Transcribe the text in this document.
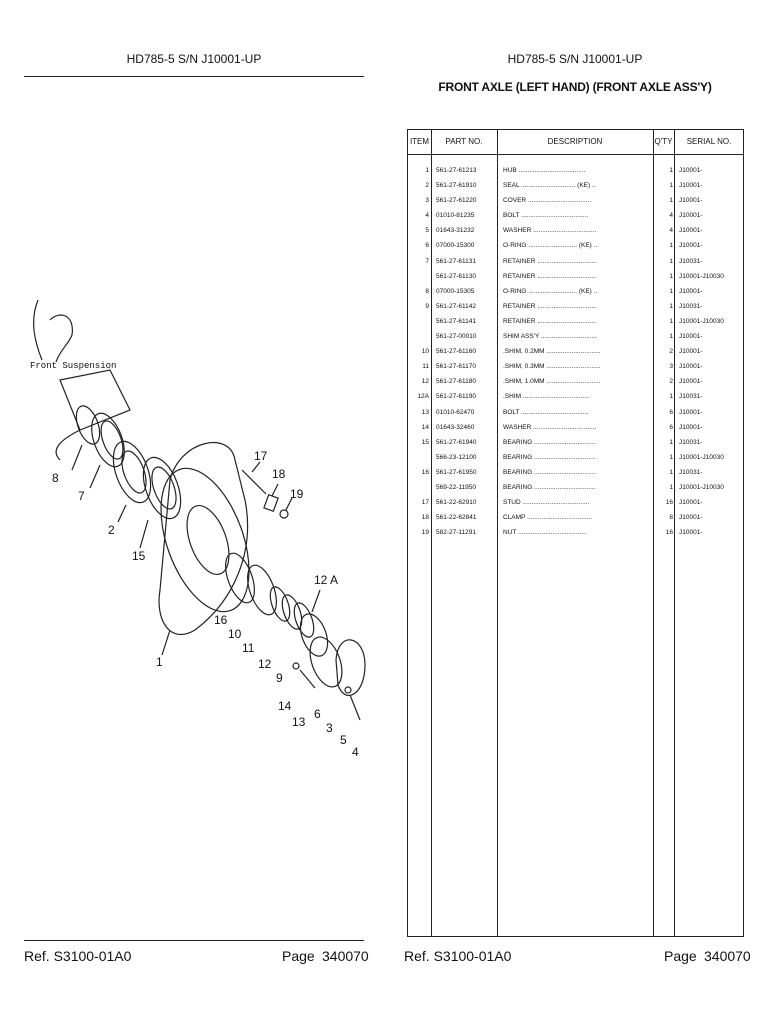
HD785-5 S/N J10001-UP	HD785-5 S/N J10001-UP
FRONT AXLE (LEFT HAND) (FRONT AXLE ASS'Y)
Front Suspension
8
7
2
15
1
17
18
19
12 A
16
10
11
12
9
14
13
6
3
5
4
ITEM	PART NO.	DESCRIPTION	Q'TY	SERIAL NO.
1 561-27-61213	HUB .....................................	1 J10001-
2 561-27-61910	SEAL .............................. (KE) ..	1 J10001-
3 561-27-61220	COVER ...................................	1 J10001-
4 01010-81235	BOLT .....................................	4 J10001-
5 01643-31232	WASHER ...................................	4 J10001-
6 07000-15300	O-RING ........................... (KE) ..	1 J10001-
7 561-27-61131	RETAINER .................................	1 J10031-
561-27-61130	RETAINER .................................	1 J10001-J10030
8 07000-15305	O-RING ........................... (KE) ..	1 J10001-
9 561-27-61142	RETAINER .................................	1 J10031-
561-27-61141	RETAINER .................................	1 J10001-J10030
561-27-00010	SHIM ASS'Y ...............................	1 J10001-
10 561-27-61160	.SHIM, 0.2MM ..............................	2 J10001-
11 561-27-61170	.SHIM, 0.3MM ..............................	3 J10001-
12 561-27-61180	.SHIM, 1.0MM ..............................	2 J10001-
12A 561-27-61190	.SHIM .....................................	1 J10031-
13 01010-62470	BOLT .....................................	6 J10001-
14 01643-32460	WASHER ...................................	6 J10001-
15 561-27-61940	BEARING ..................................	1 J10031-
566-23-12100	BEARING ..................................	1 J10001-J10030
16 561-27-61950	BEARING ..................................	1 J10031-
569-22-11950	BEARING ..................................	1 J10001-J10030
17 561-22-62910	STUD .....................................	16 J10001-
18 561-22-62841	CLAMP ....................................	8 J10001-
19 582-27-11291	NUT ......................................	16 J10001-
Ref. S3100-01A0	Page 340070	Ref. S3100-01A0	Page 340070
